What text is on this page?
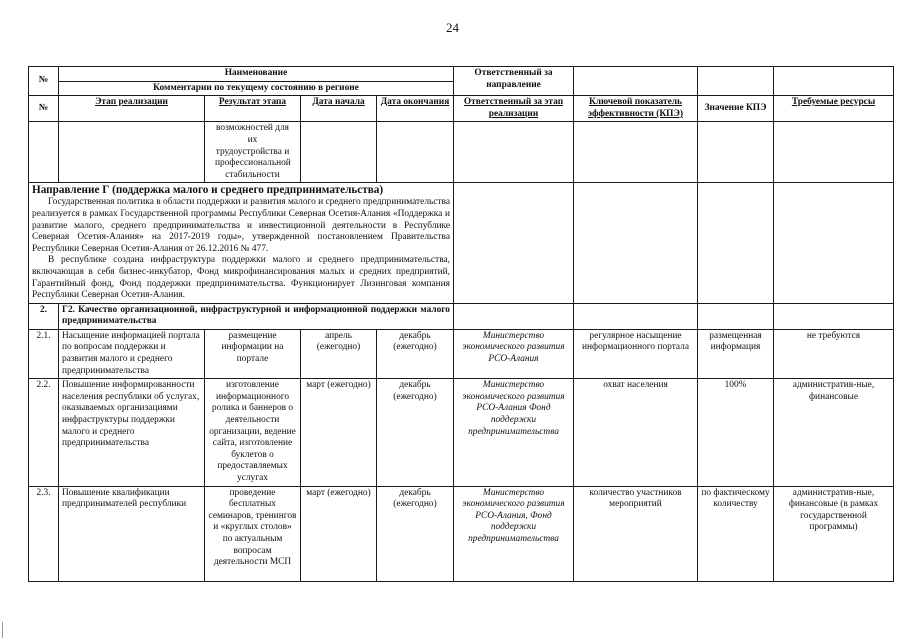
24
№	Наименование				Ответственный за направление			
	Комментарии по текущему состоянию в регионе							
№	Этап реализации	Результат этапа	Дата начала	Дата окончания	Ответственный за этап реализации	Ключевой показатель эффективности (КПЭ)	Значение КПЭ	Требуемые ресурсы
		возможностей для их трудоустройства и профессиональной стабильности						

Направление Г (поддержка малого и среднего предпринимательства)

Государственная политика в области поддержки и развития малого и среднего предпринимательства реализуется в рамках Государственной программы Республики Северная Осетия-Алания «Поддержка и развитие малого, среднего предпринимательства и инвестиционной деятельности в Республике Северная Осетия-Алания» на 2017-2019 годы», утвержденной постановлением Правительства Республики Северная Осетия-Алания от 26.12.2016 № 477.

В республике создана инфраструктура поддержки малого и среднего предпринимательства, включающая в себя бизнес-инкубатор, Фонд микрофинансирования малых и средних предприятий, Гарантийный фонд, Фонд поддержки предпринимательства. Функционирует Лизинговая компания Республики Северная Осетия-Алания.								

2.	Г2. Качество организационной, инфраструктурной и информационной поддержки малого предпринимательства							
2.1.	Насыщение информацией портала по вопросам поддержки и развития малого и среднего предпринимательства	размещение информации на портале	апрель (ежегодно)	декабрь (ежегодно)	Министерство экономического развития РСО-Алания	регулярное насыщение информационного портала	размещенная информация	не требуются
2.2.	Повышение информированности населения республики об услугах, оказываемых организациями инфраструктуры поддержки малого и среднего предпринимательства	изготовление информационного ролика и баннеров о деятельности организации, ведение сайта, изготовление буклетов о предоставляемых услугах	март (ежегодно)	декабрь (ежегодно)	Министерство экономического развития РСО-Алания Фонд поддержки предпринимательства	охват населения	100%	административ-ные, финансовые
2.3.	Повышение квалификации предпринимателей республики	проведение бесплатных семинаров, тренингов и «круглых столов» по актуальным вопросам деятельности МСП	март (ежегодно)	декабрь (ежегодно)	Министерство экономического развития РСО-Алания, Фонд поддержки предпринимательства	количество участников мероприятий	по фактическому количеству	административ-ные, финансовые (в рамках государственной программы)
